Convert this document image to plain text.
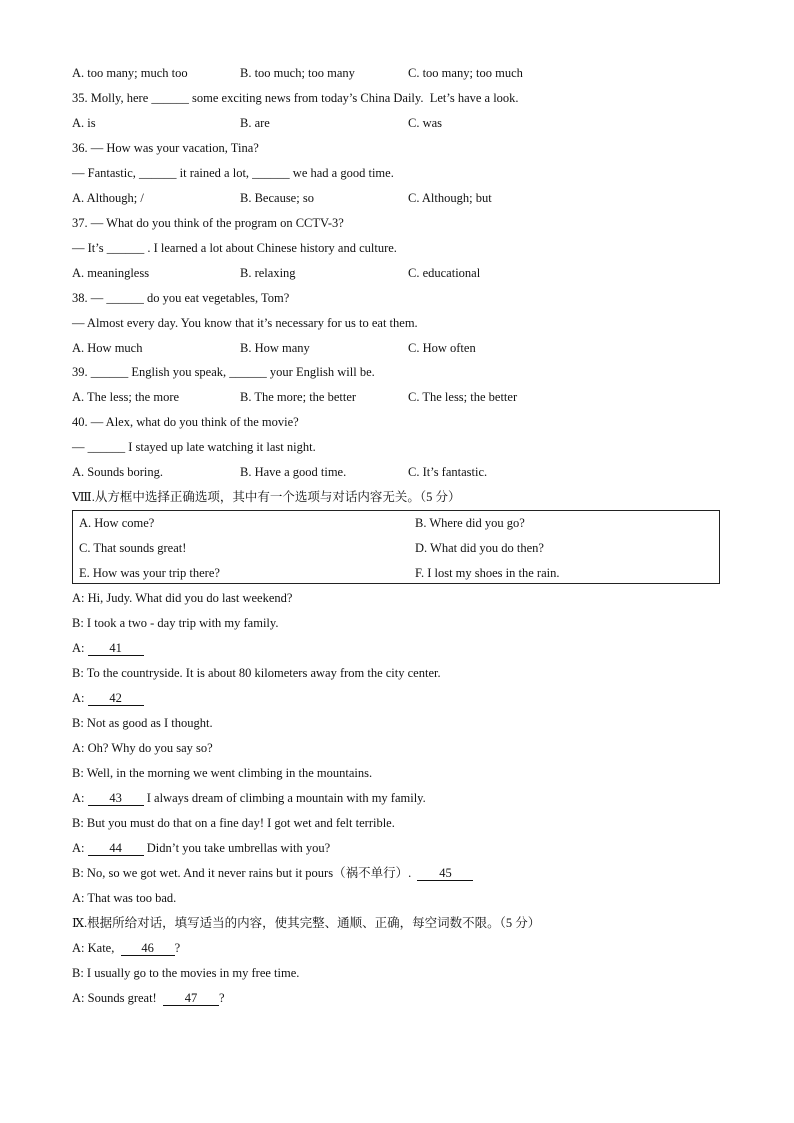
A. too many; much too	B. too much; too many	C. too many; too much
35. Molly, here ______ some exciting news from today’s China Daily.  Let’s have a look.
A. is	B. are	C. was
36. — How was your vacation, Tina?
— Fantastic, ______ it rained a lot, ______ we had a good time.
A. Although; /	B. Because; so	C. Although; but
37. — What do you think of the program on CCTV-3?
— It’s ______ . I learned a lot about Chinese history and culture.
A. meaningless	B. relaxing	C. educational
38. — ______ do you eat vegetables, Tom?
— Almost every day. You know that it’s necessary for us to eat them.
A. How much	B. How many	C. How often
39. ______ English you speak, ______ your English will be.
A. The less; the more	B. The more; the better	C. The less; the better
40. — Alex, what do you think of the movie?
— ______ I stayed up late watching it last night.
A. Sounds boring.	B. Have a good time.	C. It’s fantastic.
Ⅷ.从方框中选择正确选项，其中有一个选项与对话内容无关。（5 分）
A. How come?	B. Where did you go?
C. That sounds great!	D. What did you do then?
E. How was your trip there?	F. I lost my shoes in the rain.
A: Hi, Judy. What did you do last weekend?
B: I took a two - day trip with my family.
A: 41
B: To the countryside. It is about 80 kilometers away from the city center.
A: 42
B: Not as good as I thought.
A: Oh? Why do you say so?
B: Well, in the morning we went climbing in the mountains.
A: 43 I always dream of climbing a mountain with my family.
B: But you must do that on a fine day! I got wet and felt terrible.
A: 44 Didn’t you take umbrellas with you?
B: No, so we got wet. And it never rains but it pours（祸不单行）.  45
A: That was too bad.
Ⅸ.根据所给对话，填写适当的内容，使其完整、通顺、正确，每空词数不限。（5 分）
A: Kate,  46 ?
B: I usually go to the movies in my free time.
A: Sounds great!  47 ?
